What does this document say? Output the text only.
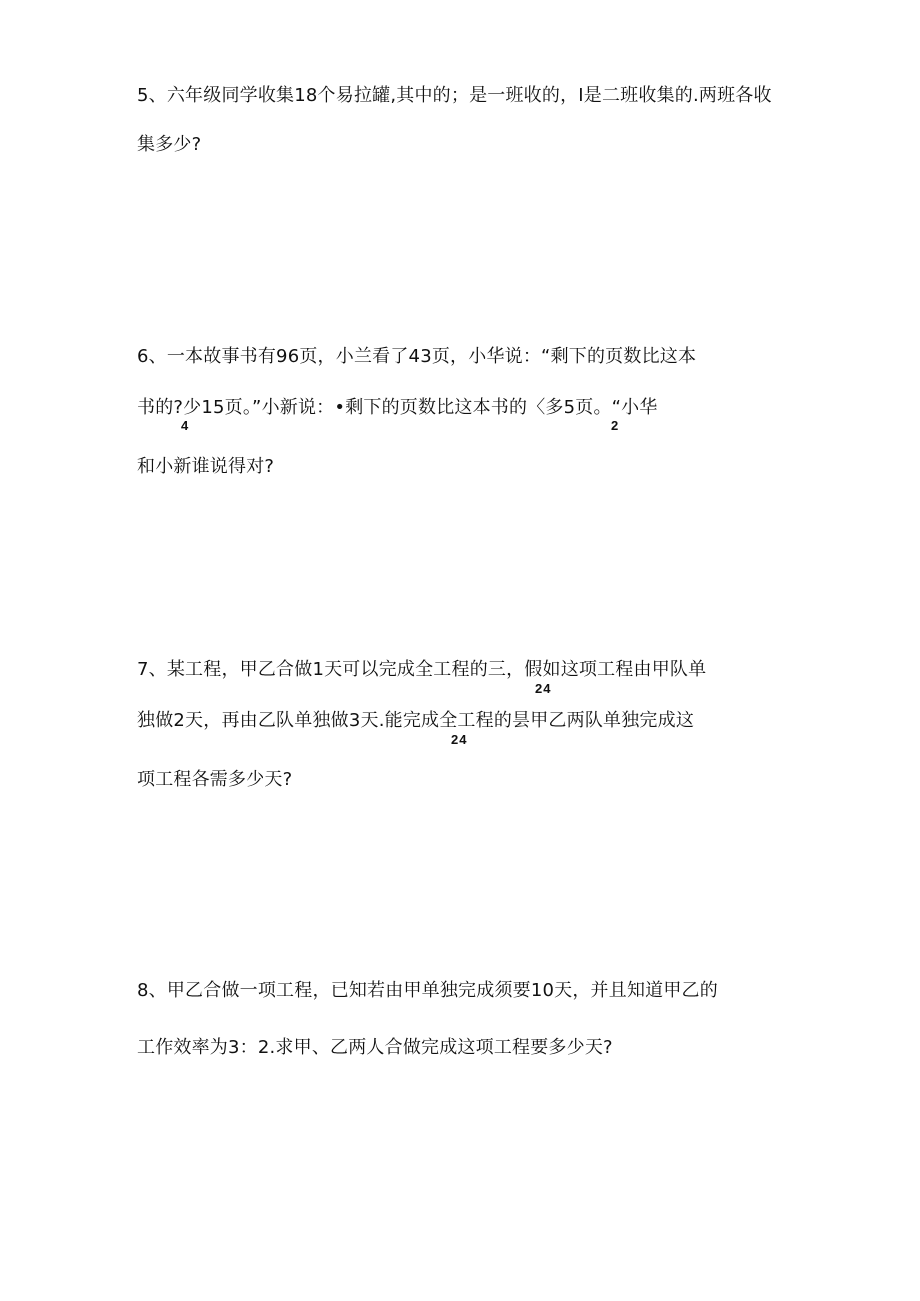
5、六年级同学收集18个易拉罐,其中的；是一班收的，I是二班收集的.两班各收
集多少?
6、一本故事书有96页，小兰看了43页，小华说：“剩下的页数比这本
书的?少15页。”小新说：•剩下的页数比这本书的〈多5页。“小华
4	2
和小新谁说得对?
7、某工程，甲乙合做1天可以完成全工程的三，假如这项工程由甲队单
24
独做2天，再由乙队单独做3天.能完成全工程的昙甲乙两队单独完成这
24
项工程各需多少天?
8、甲乙合做一项工程，已知若由甲单独完成须要10天，并且知道甲乙的
工作效率为3：2.求甲、乙两人合做完成这项工程要多少天?
